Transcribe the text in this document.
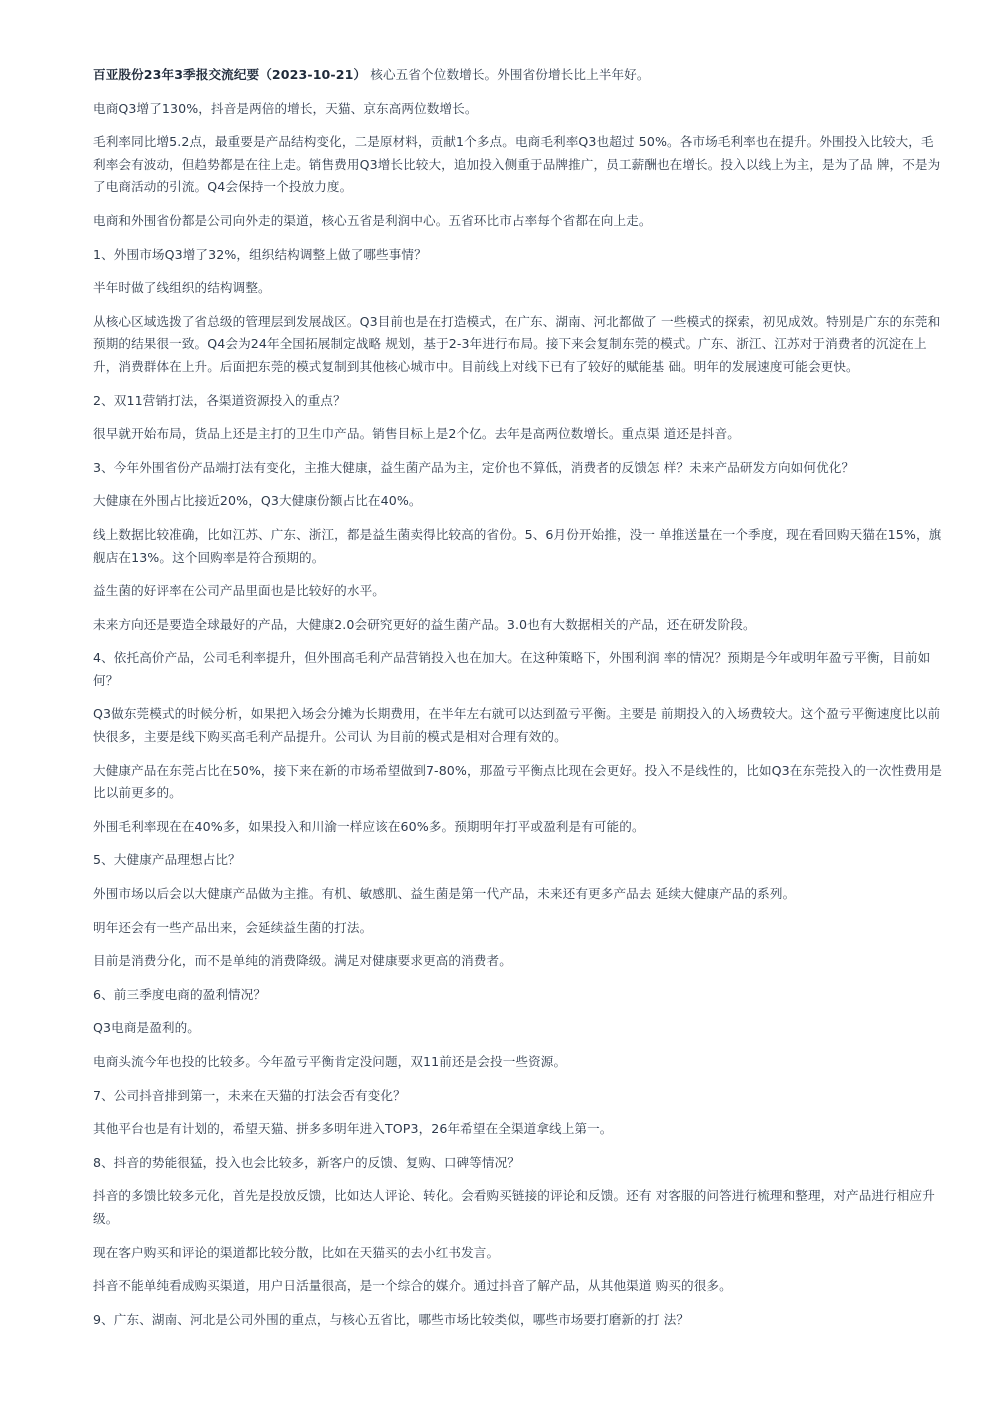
百亚股份23年3季报交流纪要（2023-10-21） 核心五省个位数增长。外围省份增长比上半年好。

电商Q3增了130%，抖音是两倍的增长，天猫、京东高两位数增长。

毛利率同比增5.2点，最重要是产品结构变化，二是原材料，贡献1个多点。电商毛利率Q3也超过 50%。各市场毛利率也在提升。外围投入比较大，毛利率会有波动，但趋势都是在往上走。销售费用Q3增长比较大，追加投入侧重于品牌推广，员工薪酬也在增长。投入以线上为主，是为了品 牌，不是为了电商活动的引流。Q4会保持一个投放力度。

电商和外围省份都是公司向外走的渠道，核心五省是利润中心。五省环比市占率每个省都在向上走。

1、外围市场Q3增了32%，组织结构调整上做了哪些事情？

半年时做了线组织的结构调整。

从核心区域选拨了省总级的管理层到发展战区。Q3目前也是在打造模式，在广东、湖南、河北都做了 一些模式的探索，初见成效。特别是广东的东莞和预期的结果很一致。Q4会为24年全国拓展制定战略 规划，基于2-3年进行布局。接下来会复制东莞的模式。广东、浙江、江苏对于消费者的沉淀在上升，消费群体在上升。后面把东莞的模式复制到其他核心城市中。目前线上对线下已有了较好的赋能基 础。明年的发展速度可能会更快。

2、双11营销打法，各渠道资源投入的重点？

很早就开始布局，货品上还是主打的卫生巾产品。销售目标上是2个亿。去年是高两位数增长。重点渠 道还是抖音。

3、今年外围省份产品端打法有变化，主推大健康，益生菌产品为主，定价也不算低，消费者的反馈怎 样？未来产品研发方向如何优化？

大健康在外围占比接近20%，Q3大健康份额占比在40%。

线上数据比较准确，比如江苏、广东、浙江，都是益生菌卖得比较高的省份。5、6月份开始推，没一 单推送量在一个季度，现在看回购天猫在15%，旗舰店在13%。这个回购率是符合预期的。

益生菌的好评率在公司产品里面也是比较好的水平。

未来方向还是要造全球最好的产品，大健康2.0会研究更好的益生菌产品。3.0也有大数据相关的产品，还在研发阶段。

4、依托高价产品，公司毛利率提升，但外围高毛利产品营销投入也在加大。在这种策略下，外围利润 率的情况？预期是今年或明年盈亏平衡，目前如何？

Q3做东莞模式的时候分析，如果把入场会分摊为长期费用，在半年左右就可以达到盈亏平衡。主要是 前期投入的入场费较大。这个盈亏平衡速度比以前快很多，主要是线下购买高毛利产品提升。公司认 为目前的模式是相对合理有效的。

大健康产品在东莞占比在50%，接下来在新的市场希望做到7-80%，那盈亏平衡点比现在会更好。投入不是线性的，比如Q3在东莞投入的一次性费用是比以前更多的。

外围毛利率现在在40%多，如果投入和川渝一样应该在60%多。预期明年打平或盈利是有可能的。

5、大健康产品理想占比？

外围市场以后会以大健康产品做为主推。有机、敏感肌、益生菌是第一代产品，未来还有更多产品去 延续大健康产品的系列。

明年还会有一些产品出来，会延续益生菌的打法。

目前是消费分化，而不是单纯的消费降级。满足对健康要求更高的消费者。

6、前三季度电商的盈利情况？

Q3电商是盈利的。

电商头流今年也投的比较多。今年盈亏平衡肯定没问题，双11前还是会投一些资源。

7、公司抖音排到第一，未来在天猫的打法会否有变化？

其他平台也是有计划的，希望天猫、拼多多明年进入TOP3，26年希望在全渠道拿线上第一。

8、抖音的势能很猛，投入也会比较多，新客户的反馈、复购、口碑等情况？

抖音的多馈比较多元化，首先是投放反馈，比如达人评论、转化。会看购买链接的评论和反馈。还有 对客服的问答进行梳理和整理，对产品进行相应升级。

现在客户购买和评论的渠道都比较分散，比如在天猫买的去小红书发言。

抖音不能单纯看成购买渠道，用户日活量很高，是一个综合的媒介。通过抖音了解产品，从其他渠道 购买的很多。

9、广东、湖南、河北是公司外围的重点，与核心五省比，哪些市场比较类似，哪些市场要打磨新的打 法？
